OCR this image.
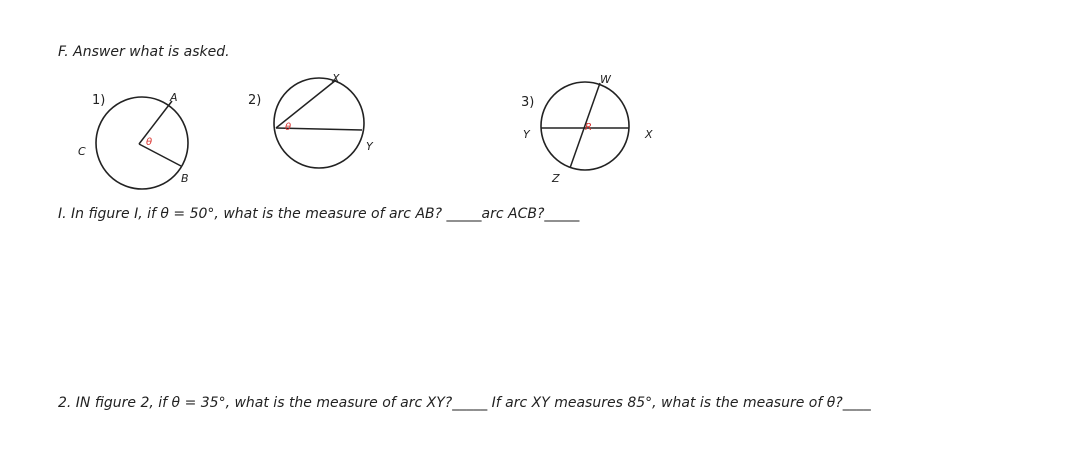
F. Answer what is asked.
1)	A
B
C
θ
2)
X
Y
θ
3)
W
X
Y
Z
R
I. In figure I, if θ = 50°, what is the measure of arc AB? _____arc ACB?_____
2. IN figure 2, if θ = 35°, what is the measure of arc XY?_____ If arc XY measures 85°, what is the measure of θ?____
